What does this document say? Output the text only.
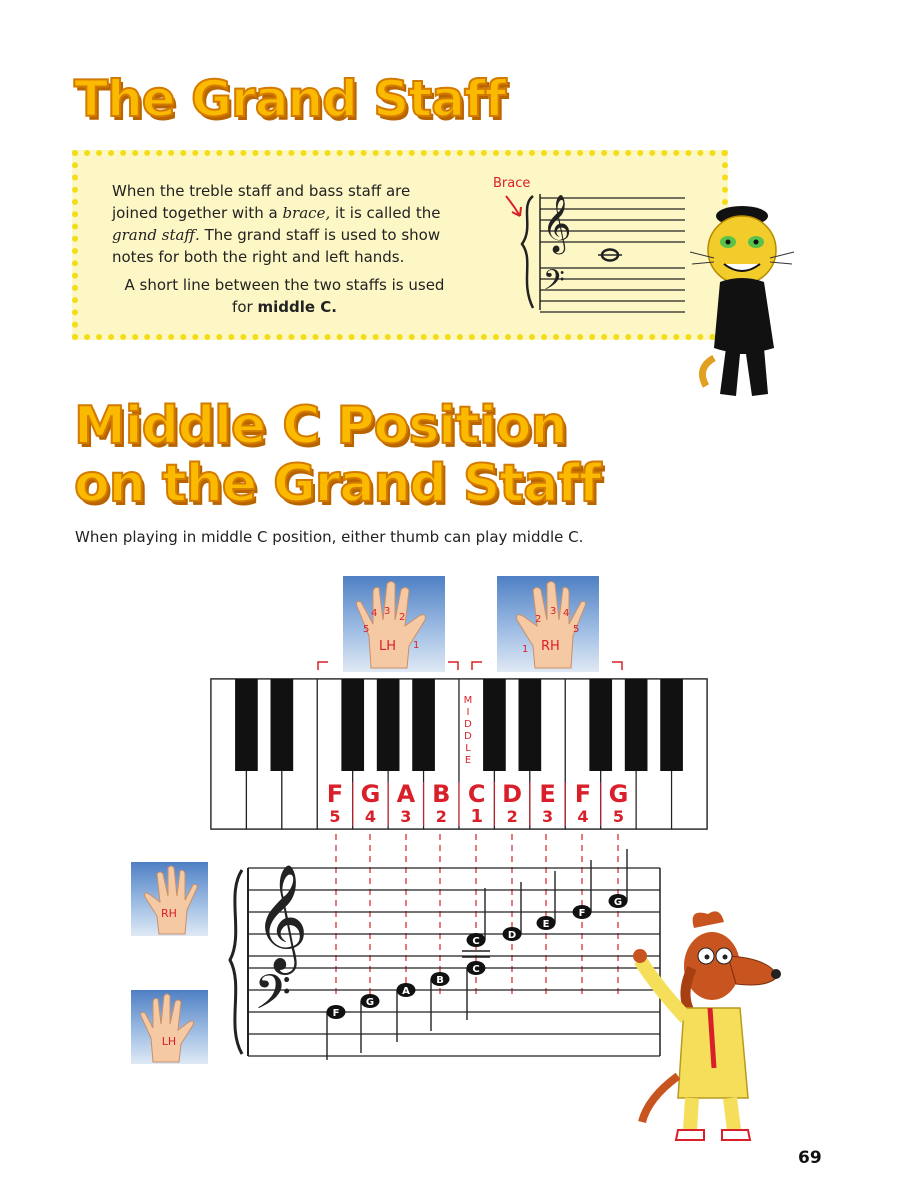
The Grand Staff

When the treble staff and bass staff are joined together with a brace, it is called the grand staff. The grand staff is used to show notes for both the right and left hands.

A short line between the two staffs is used for middle C.

Brace
𝄞
𝄢
Middle C Position
on the Grand Staff

When playing in middle C position, either thumb can play middle C.

5
4 3
2
1
LH	1
2
3 4
5
RH
M
I
D
D
L
E
F
5
G
4
A
3
B
2
C
1
D
2
E
3
F
4
G
5
RH
LH
𝄞
𝄢	F
G
A
B
C
C
D
E
F
G
69
